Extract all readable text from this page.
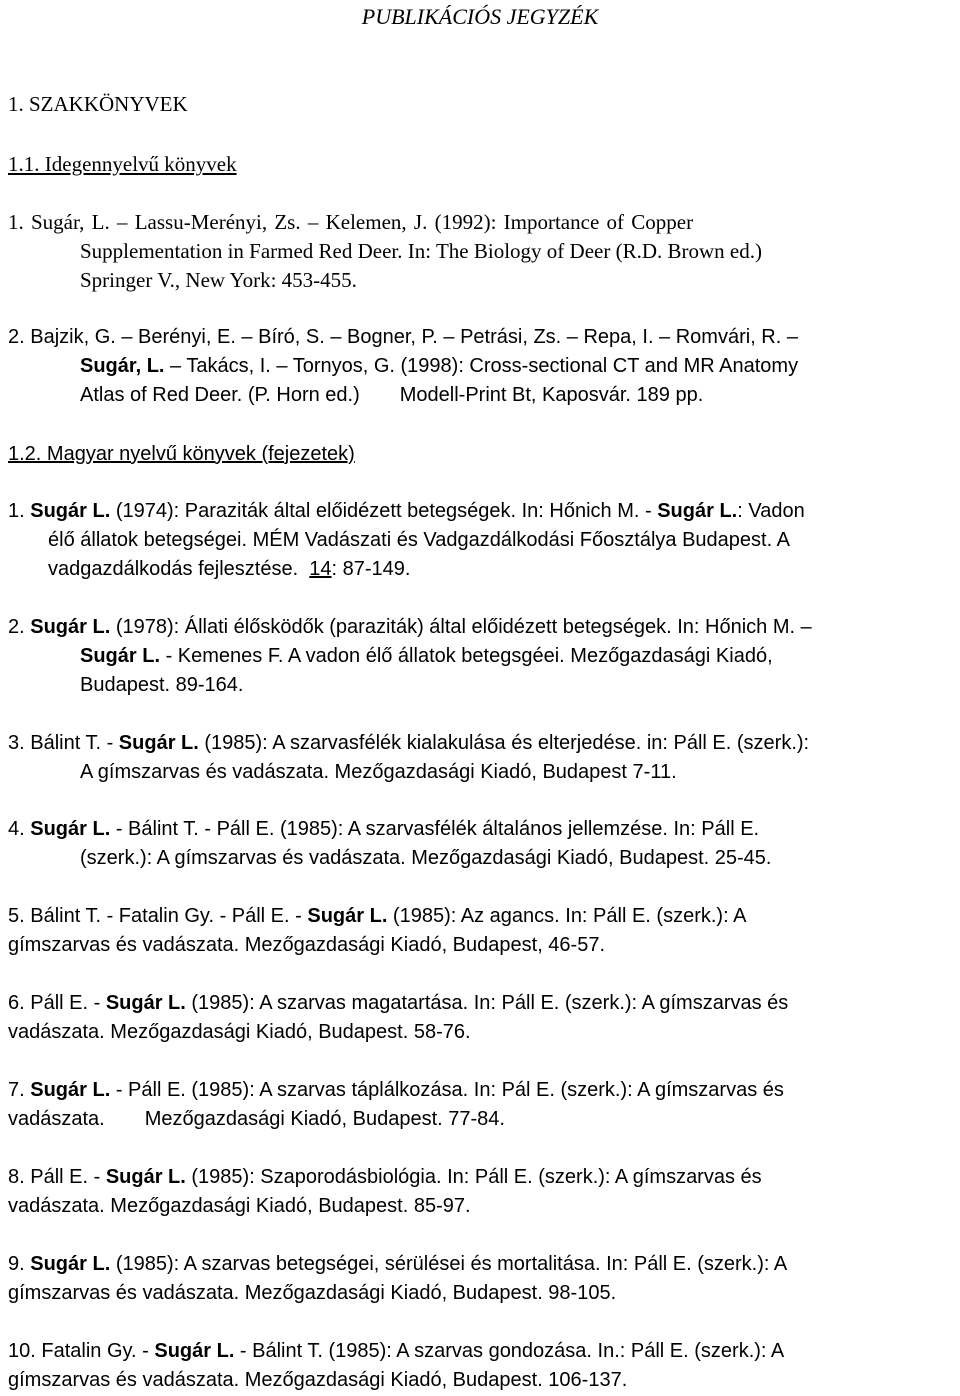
PUBLIKÁCIÓS JEGYZÉK
1. SZAKKÖNYVEK
1.1. Idegennyelvű könyvek
1. Sugár, L. – Lassu-Merényi, Zs. – Kelemen, J. (1992): Importance of Copper
Supplementation in Farmed Red Deer. In: The Biology of Deer (R.D. Brown ed.)
Springer V., New York: 453-455.
2. Bajzik, G. – Berényi, E. – Bíró, S. – Bogner, P. – Petrási, Zs. – Repa, I. – Romvári, R. –
Sugár, L. – Takács, I. – Tornyos, G. (1998): Cross-sectional CT and MR Anatomy
Atlas of Red Deer. (P. Horn ed.) Modell-Print Bt, Kaposvár. 189 pp.
1.2. Magyar nyelvű könyvek (fejezetek)
1. Sugár L. (1974): Paraziták által előidézett betegségek. In: Hőnich M. - Sugár L.: Vadon
élő állatok betegségei. MÉM Vadászati és Vadgazdálkodási Főosztálya Budapest. A
vadgazdálkodás fejlesztése. 14: 87-149.
2. Sugár L. (1978): Állati élősködők (paraziták) által előidézett betegségek. In: Hőnich M. –
Sugár L. - Kemenes F. A vadon élő állatok betegsgéei. Mezőgazdasági Kiadó,
Budapest. 89-164.
3. Bálint T. - Sugár L. (1985): A szarvasfélék kialakulása és elterjedése. in: Páll E. (szerk.):
A gímszarvas és vadászata. Mezőgazdasági Kiadó, Budapest 7-11.
4. Sugár L. - Bálint T. - Páll E. (1985): A szarvasfélék általános jellemzése. In: Páll E.
(szerk.): A gímszarvas és vadászata. Mezőgazdasági Kiadó, Budapest. 25-45.
5. Bálint T. - Fatalin Gy. - Páll E. - Sugár L. (1985): Az agancs. In: Páll E. (szerk.): A
gímszarvas és vadászata. Mezőgazdasági Kiadó, Budapest, 46-57.
6. Páll E. - Sugár L. (1985): A szarvas magatartása. In: Páll E. (szerk.): A gímszarvas és
vadászata. Mezőgazdasági Kiadó, Budapest. 58-76.
7. Sugár L. - Páll E. (1985): A szarvas táplálkozása. In: Pál E. (szerk.): A gímszarvas és
vadászata. Mezőgazdasági Kiadó, Budapest. 77-84.
8. Páll E. - Sugár L. (1985): Szaporodásbiológia. In: Páll E. (szerk.): A gímszarvas és
vadászata. Mezőgazdasági Kiadó, Budapest. 85-97.
9. Sugár L. (1985): A szarvas betegségei, sérülései és mortalitása. In: Páll E. (szerk.): A
gímszarvas és vadászata. Mezőgazdasági Kiadó, Budapest. 98-105.
10. Fatalin Gy. - Sugár L. - Bálint T. (1985): A szarvas gondozása. In.: Páll E. (szerk.): A
gímszarvas és vadászata. Mezőgazdasági Kiadó, Budapest. 106-137.
